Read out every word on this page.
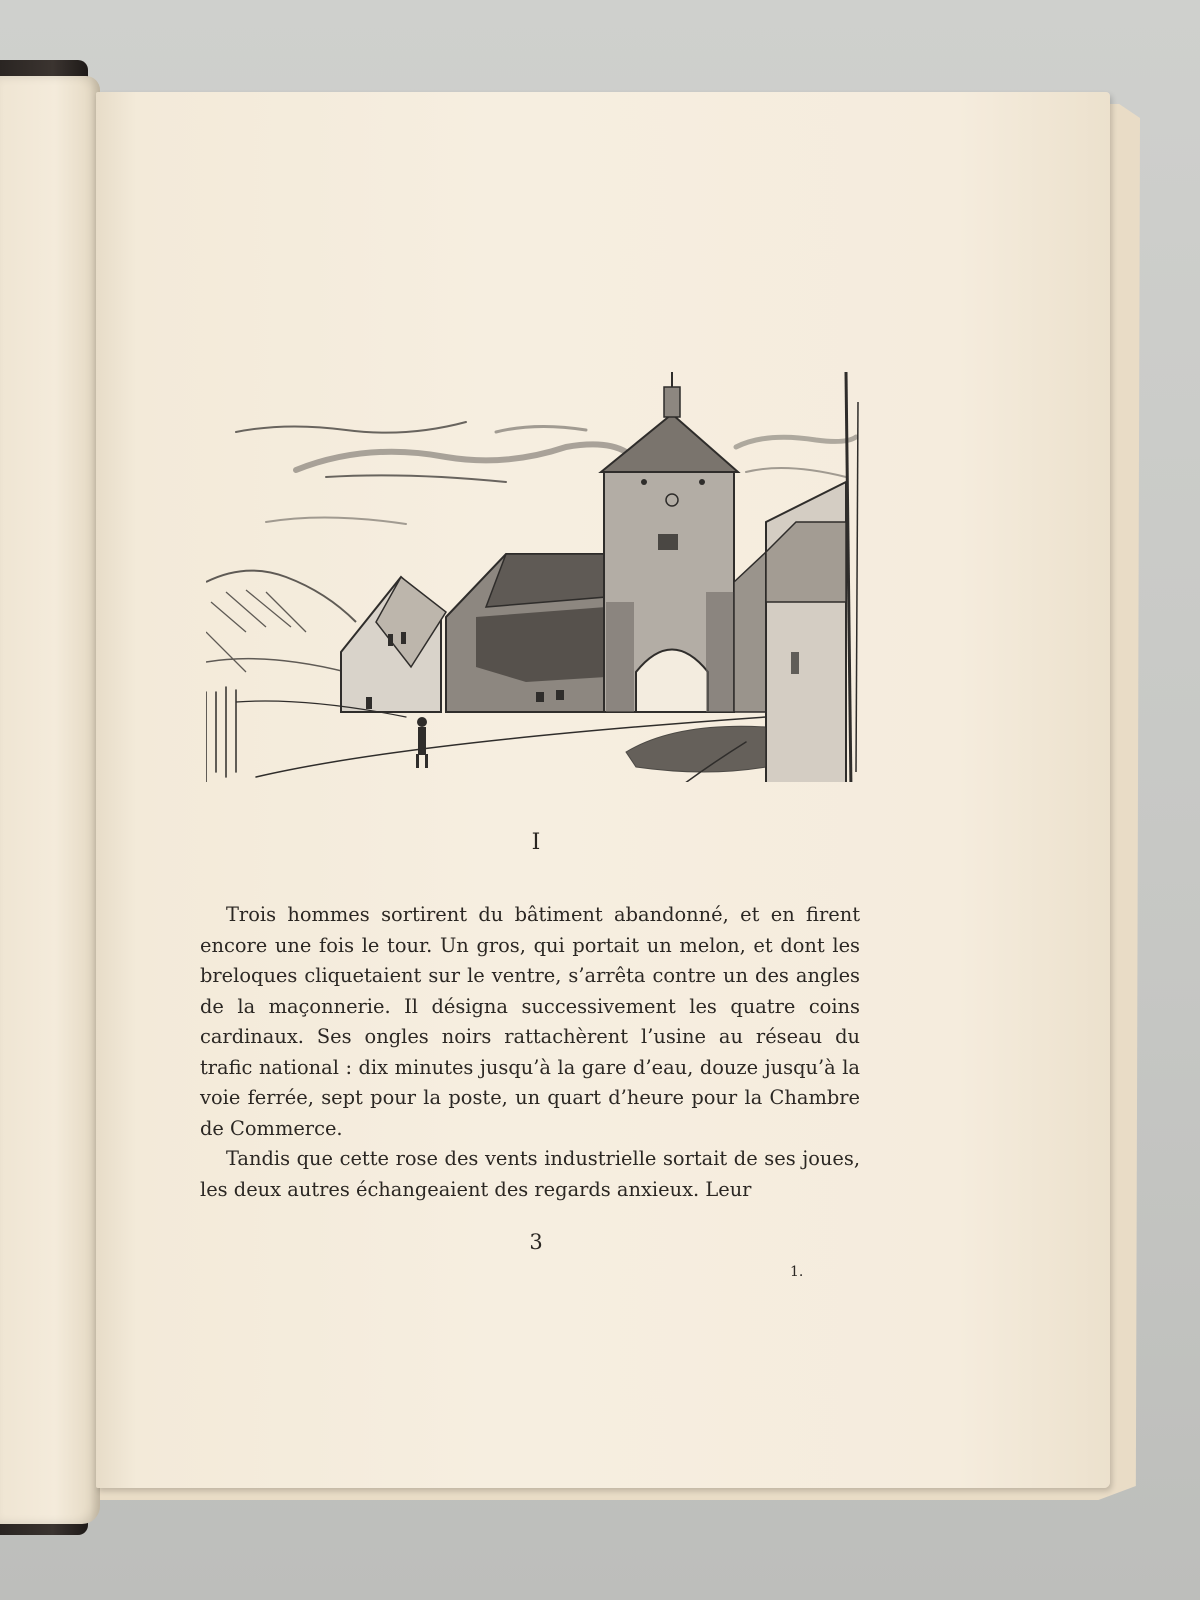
I

Trois hommes sortirent du bâtiment abandonné, et en firent encore une fois le tour. Un gros, qui portait un melon, et dont les breloques cliquetaient sur le ventre, s’arrêta contre un des angles de la maçonnerie. Il désigna successivement les quatre coins cardinaux. Ses ongles noirs rattachèrent l’usine au réseau du trafic national : dix minutes jusqu’à la gare d’eau, douze jusqu’à la voie ferrée, sept pour la poste, un quart d’heure pour la Chambre de Commerce.

Tandis que cette rose des vents industrielle sortait de ses joues, les deux autres échangeaient des regards anxieux. Leur

3
1.
